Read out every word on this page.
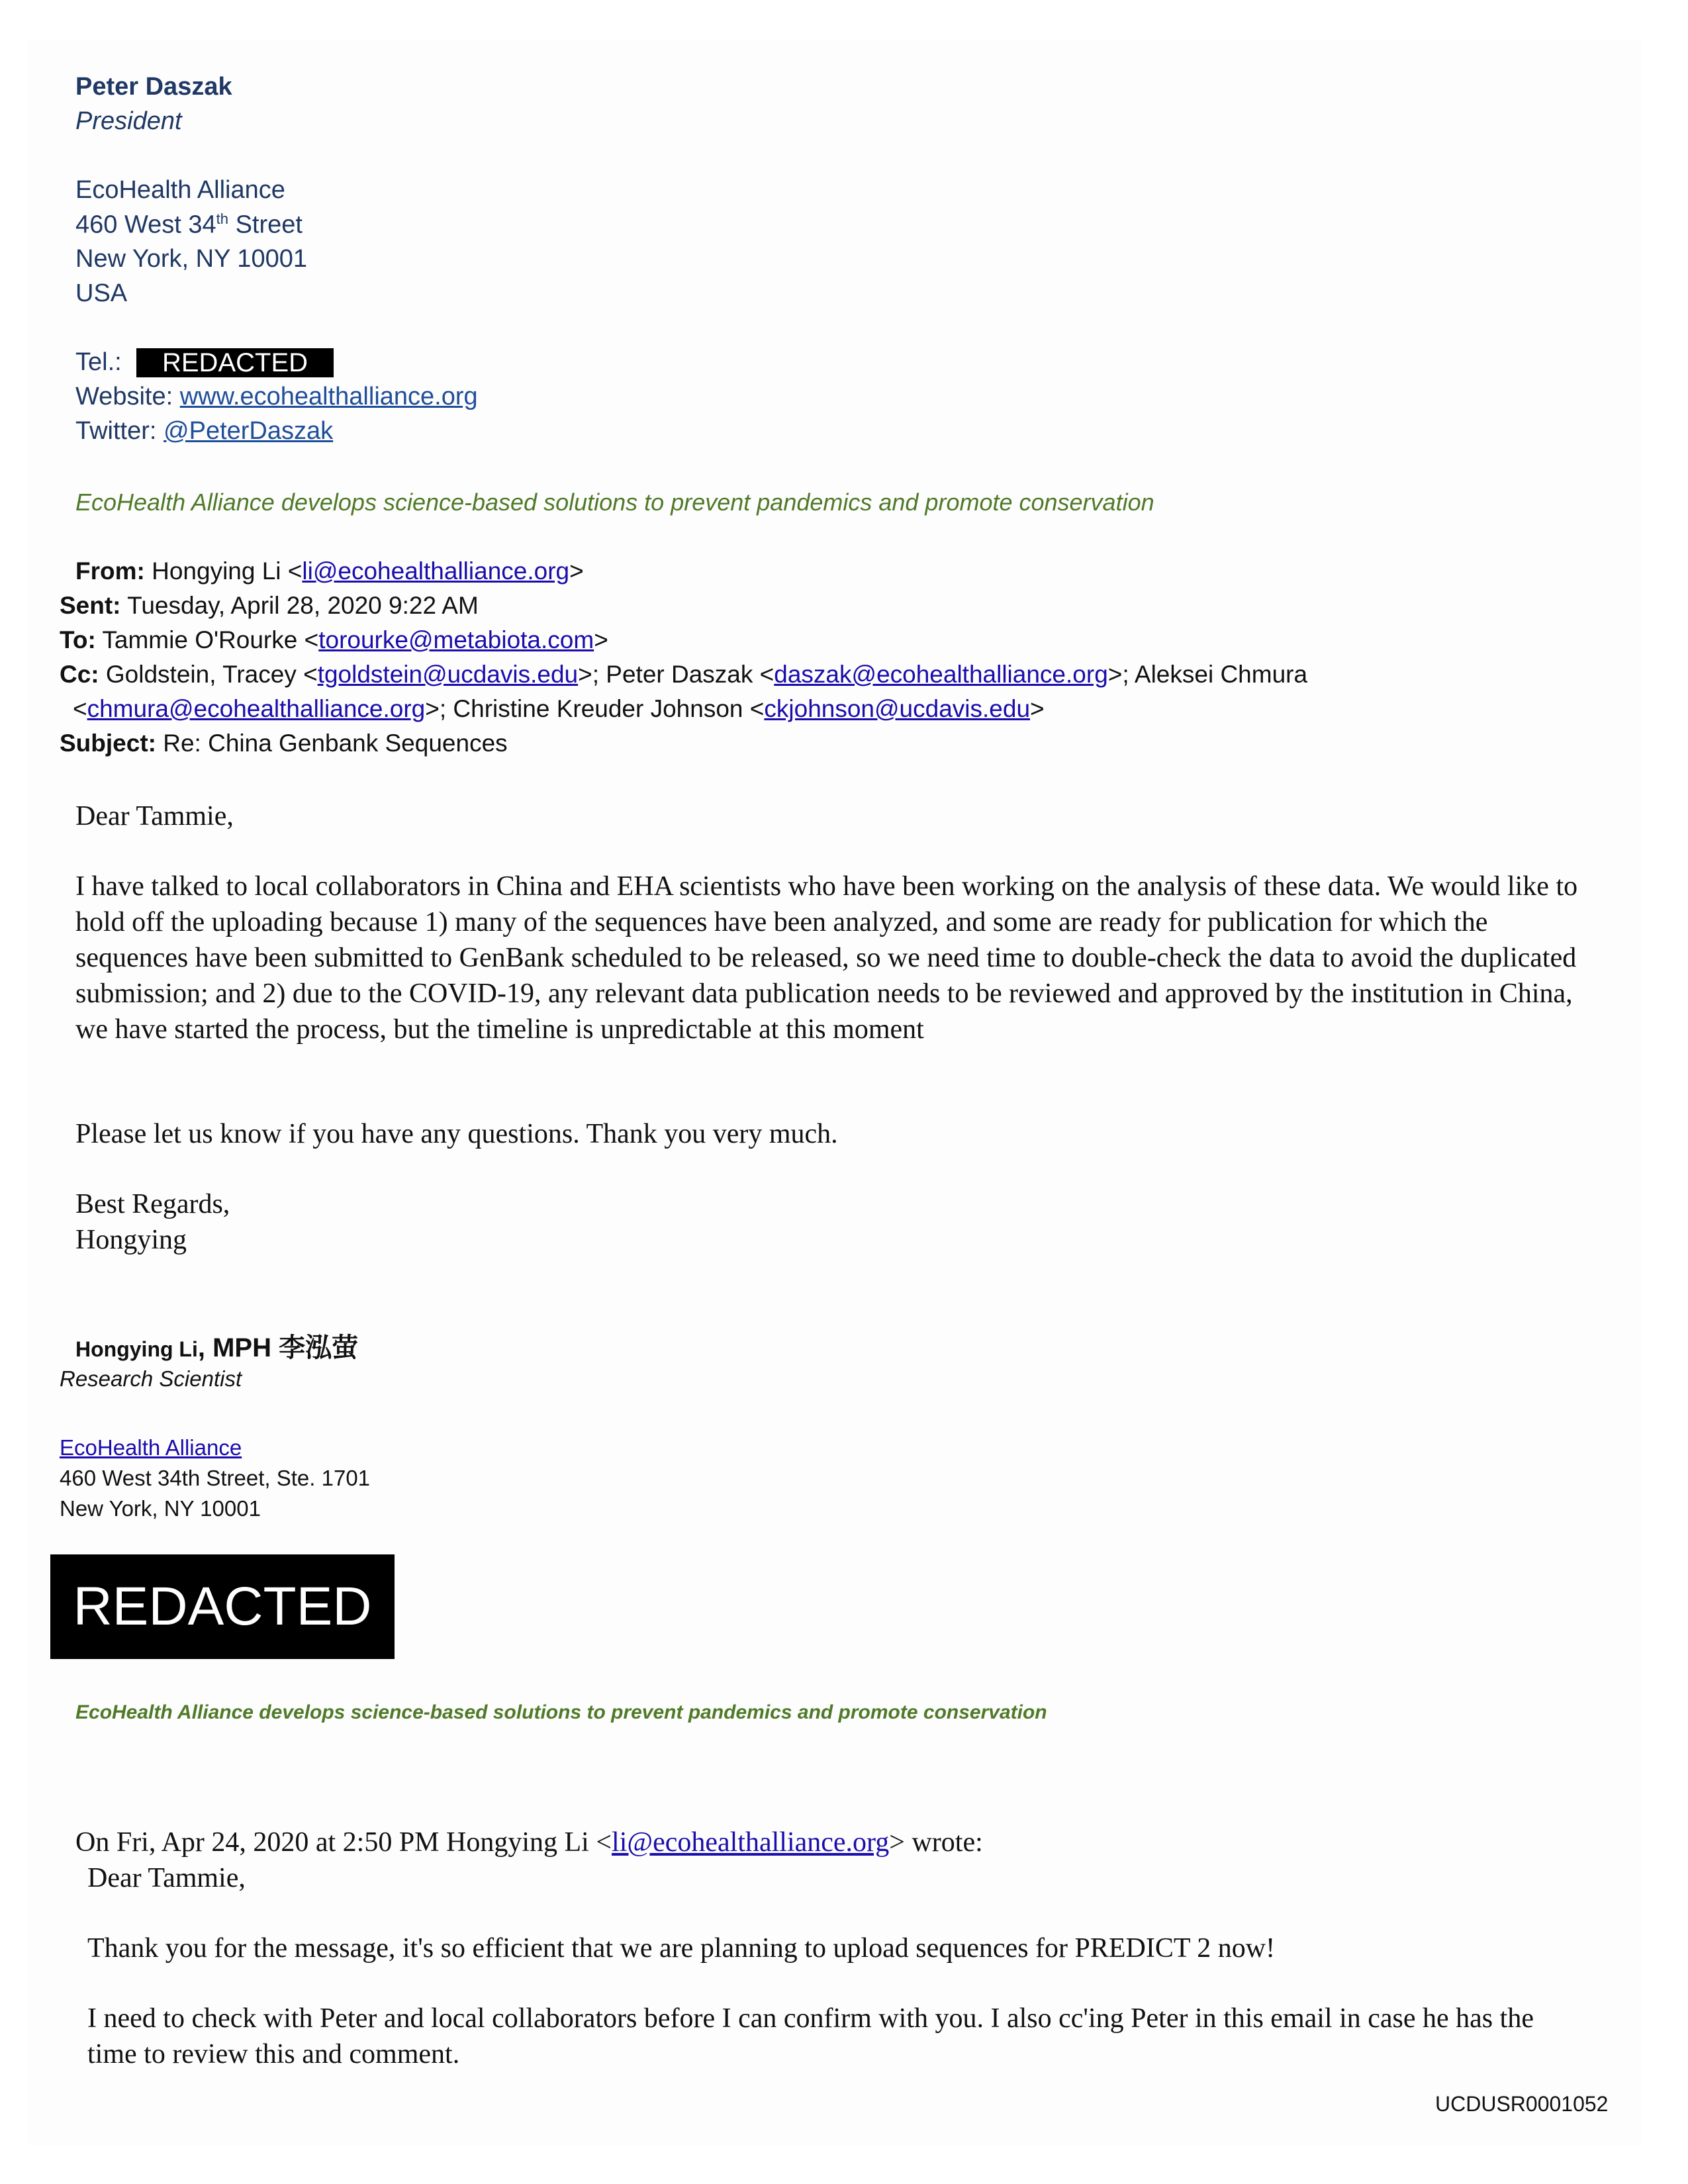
Peter Daszak
President
EcoHealth Alliance
460 West 34th Street
New York, NY 10001
USA
Tel.:	REDACTED
Website: www.ecohealthalliance.org
Twitter: @PeterDaszak
EcoHealth Alliance develops science-based solutions to prevent pandemics and promote conservation
From: Hongying Li <li@ecohealthalliance.org>
Sent: Tuesday, April 28, 2020 9:22 AM
To: Tammie O'Rourke <torourke@metabiota.com>
Cc: Goldstein, Tracey <tgoldstein@ucdavis.edu>; Peter Daszak <daszak@ecohealthalliance.org>; Aleksei Chmura
<chmura@ecohealthalliance.org>; Christine Kreuder Johnson <ckjohnson@ucdavis.edu>
Subject: Re: China Genbank Sequences
Dear Tammie,
I have talked to local collaborators in China and EHA scientists who have been working on the analysis of these data. We would like to hold off the uploading because 1) many of the sequences have been analyzed, and some are ready for publication for which the sequences have been submitted to GenBank scheduled to be released, so we need time to double-check the data to avoid the duplicated submission; and 2) due to the COVID-19, any relevant data publication needs to be reviewed and approved by the institution in China, we have started the process, but the timeline is unpredictable at this moment
Please let us know if you have any questions. Thank you very much.
Best Regards,
Hongying
Hongying Li, MPH 李泓萤
Research Scientist
EcoHealth Alliance
460 West 34th Street, Ste. 1701
New York, NY 10001
REDACTED
EcoHealth Alliance develops science-based solutions to prevent pandemics and promote conservation
On Fri, Apr 24, 2020 at 2:50 PM Hongying Li <li@ecohealthalliance.org> wrote:
Dear Tammie,
Thank you for the message, it's so efficient that we are planning to upload sequences for PREDICT 2 now!
I need to check with Peter and local collaborators before I can confirm with you. I also cc'ing Peter in this email in case he has the time to review this and comment.
UCDUSR0001052
